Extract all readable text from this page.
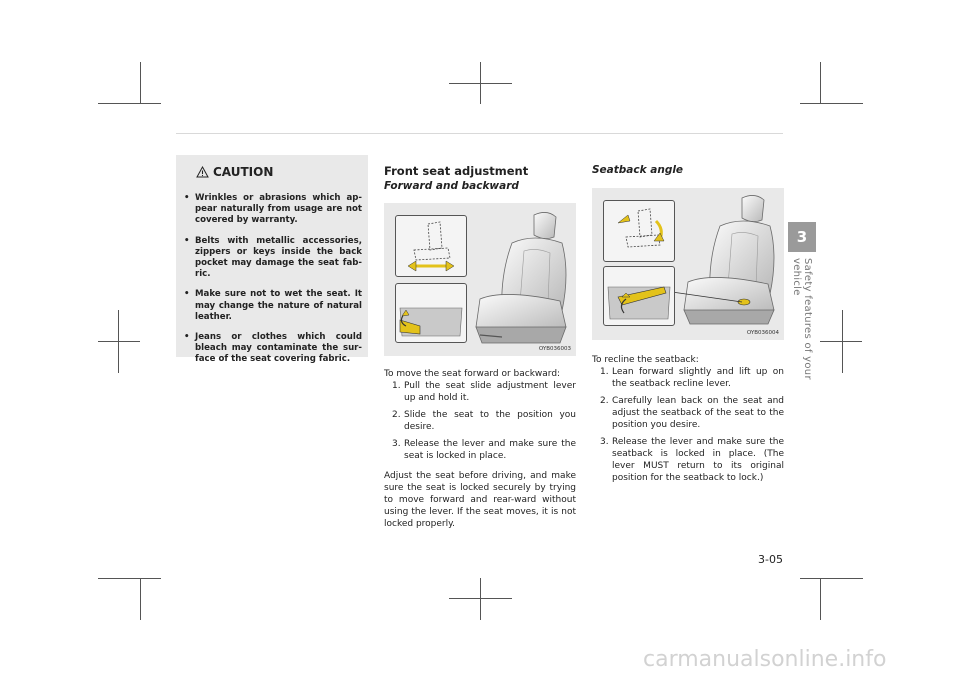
CAUTION
• Wrinkles or abrasions which ap-pear naturally from usage are not covered by warranty.
• Belts with metallic accessories, zippers or keys inside the back pocket may damage the seat fab-ric.
• Make sure not to wet the seat. It may change the nature of natural leather.
• Jeans or clothes which could bleach may contaminate the sur-face of the seat covering fabric.
Front seat adjustment
Forward and backward
OYB036003

To move the seat forward or backward:

1. Pull the seat slide adjustment lever up and hold it.
2. Slide the seat to the position you desire.
3. Release the lever and make sure the seat is locked in place.

Adjust the seat before driving, and make sure the seat is locked securely by trying to move forward and rear-ward without using the lever. If the seat moves, it is not locked properly.

Seatback angle
OYB036004

To recline the seatback:

1. Lean forward slightly and lift up on the seatback recline lever.
2. Carefully lean back on the seat and adjust the seatback of the seat to the position you desire.
3. Release the lever and make sure the seatback is locked in place. (The lever MUST return to its original position for the seatback to lock.)
3
Safety features of your vehicle
3-05
carmanualsonline.info
